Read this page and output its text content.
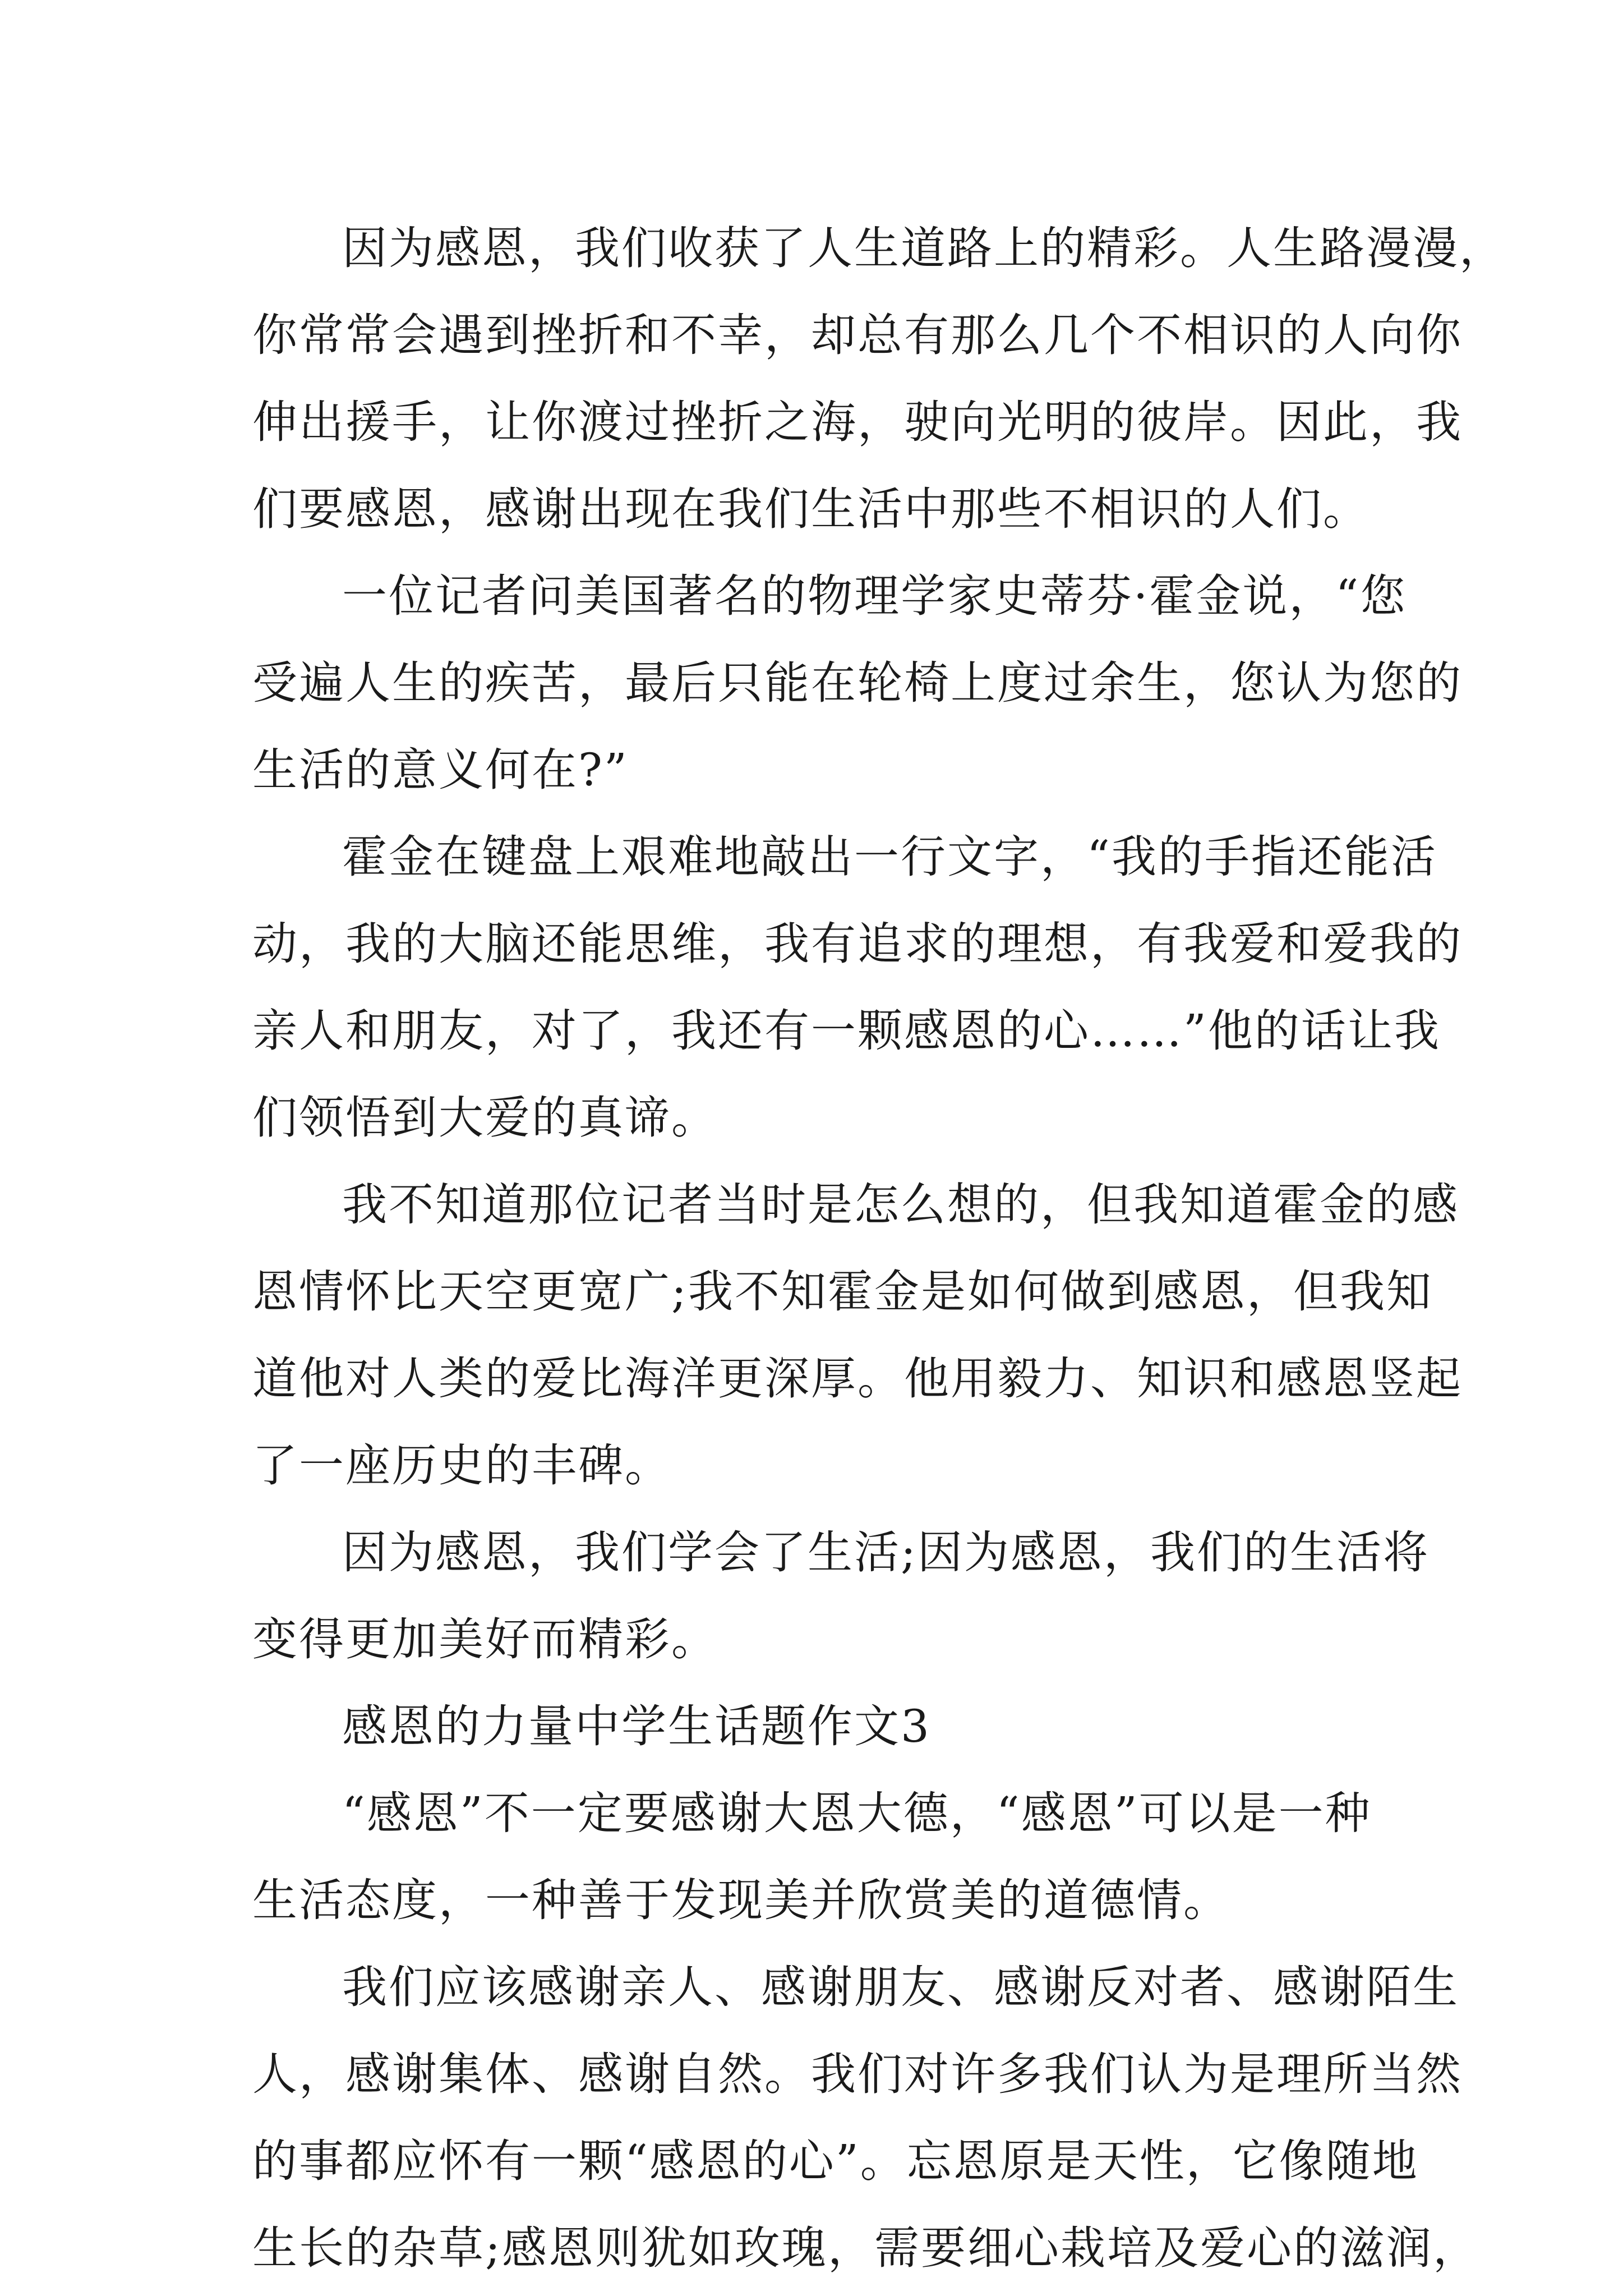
因为感恩，我们收获了人生道路上的精彩。人生路漫漫，
你常常会遇到挫折和不幸，却总有那么几个不相识的人向你
伸出援手，让你渡过挫折之海，驶向光明的彼岸。因此，我
们要感恩，感谢出现在我们生活中那些不相识的人们。
一位记者问美国著名的物理学家史蒂芬·霍金说，“您
受遍人生的疾苦，最后只能在轮椅上度过余生，您认为您的
生活的意义何在?”
霍金在键盘上艰难地敲出一行文字，“我的手指还能活
动，我的大脑还能思维，我有追求的理想，有我爱和爱我的
亲人和朋友，对了，我还有一颗感恩的心……”他的话让我
们领悟到大爱的真谛。
我不知道那位记者当时是怎么想的，但我知道霍金的感
恩情怀比天空更宽广;我不知霍金是如何做到感恩，但我知
道他对人类的爱比海洋更深厚。他用毅力、知识和感恩竖起
了一座历史的丰碑。
因为感恩，我们学会了生活;因为感恩，我们的生活将
变得更加美好而精彩。
感恩的力量中学生话题作文3
“感恩”不一定要感谢大恩大德，“感恩”可以是一种
生活态度，一种善于发现美并欣赏美的道德情。
我们应该感谢亲人、感谢朋友、感谢反对者、感谢陌生
人，感谢集体、感谢自然。我们对许多我们认为是理所当然
的事都应怀有一颗“感恩的心”。忘恩原是天性，它像随地
生长的杂草;感恩则犹如玫瑰，需要细心栽培及爱心的滋润，
